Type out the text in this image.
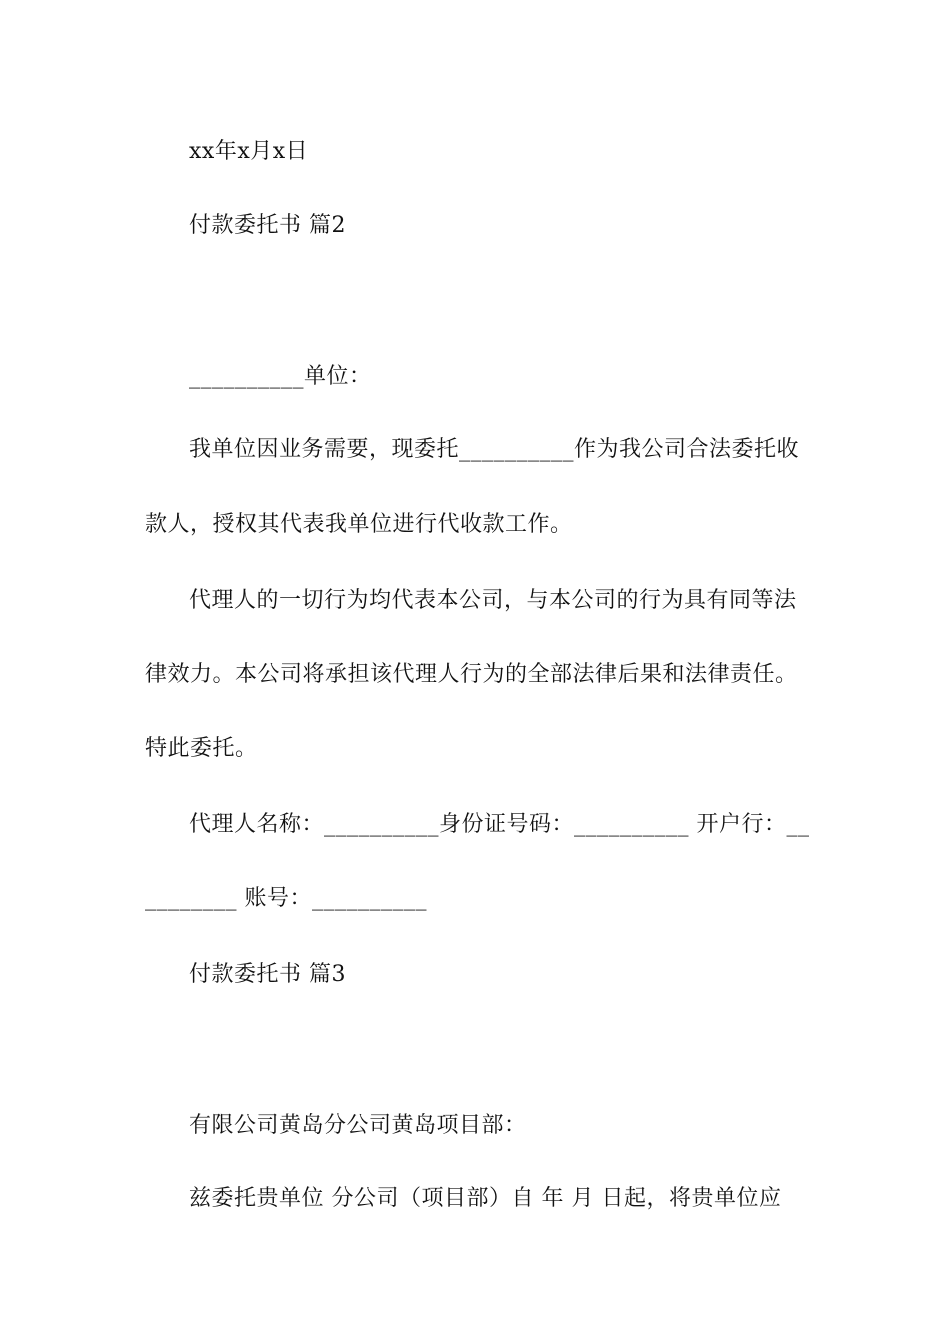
xx年x月x日
付款委托书 篇2
__________单位：
我单位因业务需要，现委托__________作为我公司合法委托收
款人，授权其代表我单位进行代收款工作。
代理人的一切行为均代表本公司，与本公司的行为具有同等法
律效力。本公司将承担该代理人行为的全部法律后果和法律责任。
特此委托。
代理人名称：__________身份证号码：__________ 开户行：__
________ 账号：__________
付款委托书 篇3
有限公司黄岛分公司黄岛项目部：
兹委托贵单位 分公司（项目部）自 年 月 日起，将贵单位应
